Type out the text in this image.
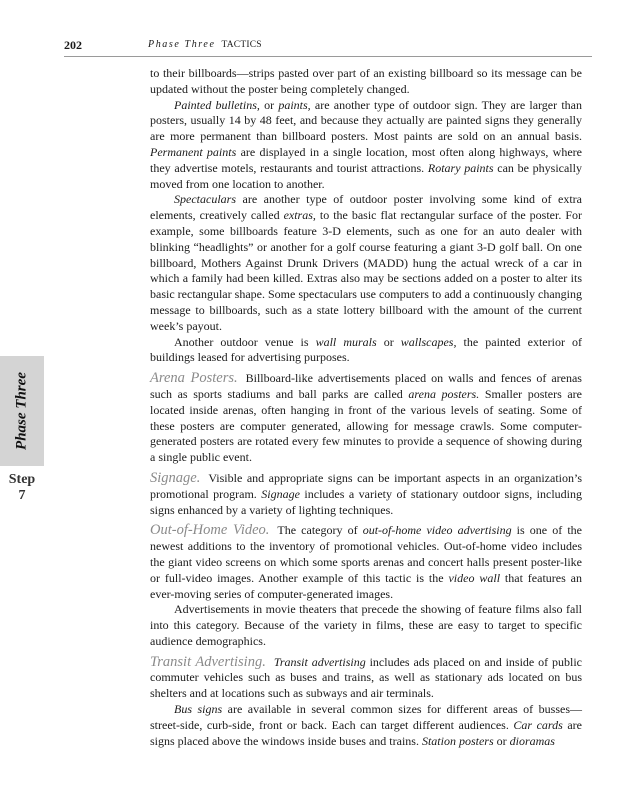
202	Phase Three TACTICS
Phase Three
Step
7

to their billboards—strips pasted over part of an existing billboard so its message can be updated without the poster being completely changed.

Painted bulletins, or paints, are another type of outdoor sign. They are larger than posters, usually 14 by 48 feet, and because they actually are painted signs they generally are more permanent than billboard posters. Most paints are sold on an annual basis. Permanent paints are displayed in a single location, most often along highways, where they advertise motels, restaurants and tourist attractions. Rotary paints can be physically moved from one location to another.

Spectaculars are another type of outdoor poster involving some kind of extra elements, creatively called extras, to the basic flat rectangular surface of the poster. For example, some billboards feature 3-D elements, such as one for an auto dealer with blinking “headlights” or another for a golf course featuring a giant 3-D golf ball. On one billboard, Mothers Against Drunk Drivers (MADD) hung the actual wreck of a car in which a family had been killed. Extras also may be sections added on a poster to alter its basic rectangular shape. Some spectaculars use computers to add a continuously changing message to billboards, such as a state lottery billboard with the amount of the current week’s payout.

Another outdoor venue is wall murals or wallscapes, the painted exterior of buildings leased for advertising purposes.

Arena Posters. Billboard-like advertisements placed on walls and fences of arenas such as sports stadiums and ball parks are called arena posters. Smaller posters are located inside arenas, often hanging in front of the various levels of seating. Some of these posters are computer generated, allowing for message crawls. Some computer-generated posters are rotated every few minutes to provide a sequence of showing during a single public event.

Signage. Visible and appropriate signs can be important aspects in an organization’s promotional program. Signage includes a variety of stationary outdoor signs, including signs enhanced by a variety of lighting techniques.

Out-of-Home Video. The category of out-of-home video advertising is one of the newest additions to the inventory of promotional vehicles. Out-of-home video includes the giant video screens on which some sports arenas and concert halls present poster-like or full-video images. Another example of this tactic is the video wall that features an ever-moving series of computer-generated images.

Advertisements in movie theaters that precede the showing of feature films also fall into this category. Because of the variety in films, these are easy to target to specific audience demographics.

Transit Advertising. Transit advertising includes ads placed on and inside of public commuter vehicles such as buses and trains, as well as stationary ads located on bus shelters and at locations such as subways and air terminals.

Bus signs are available in several common sizes for different areas of busses—street-side, curb-side, front or back. Each can target different audiences. Car cards are signs placed above the windows inside buses and trains. Station posters or dioramas
